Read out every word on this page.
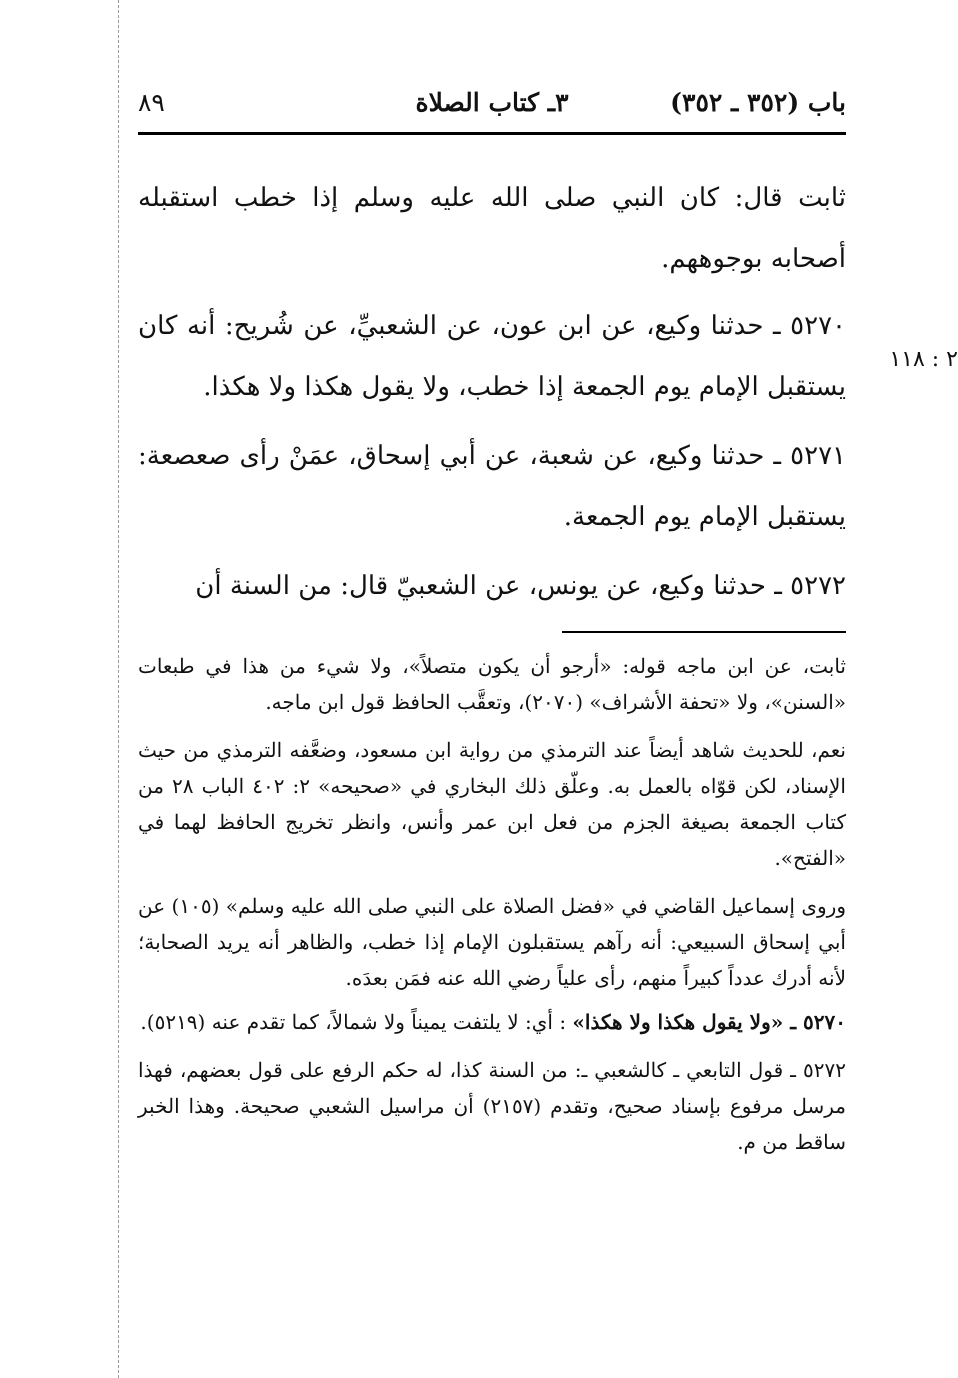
باب (٣٥٢ ـ ٣٥٢)
٣ـ كتاب الصلاة
٨٩

ثابت قال: كان النبي صلى الله عليه وسلم إذا خطب استقبله أصحابه بوجوههم.

٥٢٧٠ ـ حدثنا وكيع، عن ابن عون، عن الشعبيِّ، عن شُريح: أنه كان يستقبل الإمام يوم الجمعة إذا خطب، ولا يقول هكذا ولا هكذا.

٥٢٧١ ـ حدثنا وكيع، عن شعبة، عن أبي إسحاق، عمَنْ رأى صعصعة: يستقبل الإمام يوم الجمعة.

٥٢٧٢ ـ حدثنا وكيع، عن يونس، عن الشعبيّ قال: من السنة أن

٢ : ١١٨

ثابت، عن ابن ماجه قوله: «أرجو أن يكون متصلاً»، ولا شيء من هذا في طبعات «السنن»، ولا «تحفة الأشراف» (٢٠٧٠)، وتعقَّب الحافظ قول ابن ماجه.

نعم، للحديث شاهد أيضاً عند الترمذي من رواية ابن مسعود، وضعَّفه الترمذي من حيث الإسناد، لكن قوّاه بالعمل به. وعلّق ذلك البخاري في «صحيحه» ٢: ٤٠٢ الباب ٢٨ من كتاب الجمعة بصيغة الجزم من فعل ابن عمر وأنس، وانظر تخريج الحافظ لهما في «الفتح».

وروى إسماعيل القاضي في «فضل الصلاة على النبي صلى الله عليه وسلم» (١٠٥) عن أبي إسحاق السبيعي: أنه رآهم يستقبلون الإمام إذا خطب، والظاهر أنه يريد الصحابة؛ لأنه أدرك عدداً كبيراً منهم، رأى علياً رضي الله عنه فمَن بعدَه.

٥٢٧٠ ـ «ولا يقول هكذا ولا هكذا» : أي: لا يلتفت يميناً ولا شمالاً، كما تقدم عنه (٥٢١٩).

٥٢٧٢ ـ قول التابعي ـ كالشعبي ـ: من السنة كذا، له حكم الرفع على قول بعضهم، فهذا مرسل مرفوع بإسناد صحيح، وتقدم (٢١٥٧) أن مراسيل الشعبي صحيحة. وهذا الخبر ساقط من م.
